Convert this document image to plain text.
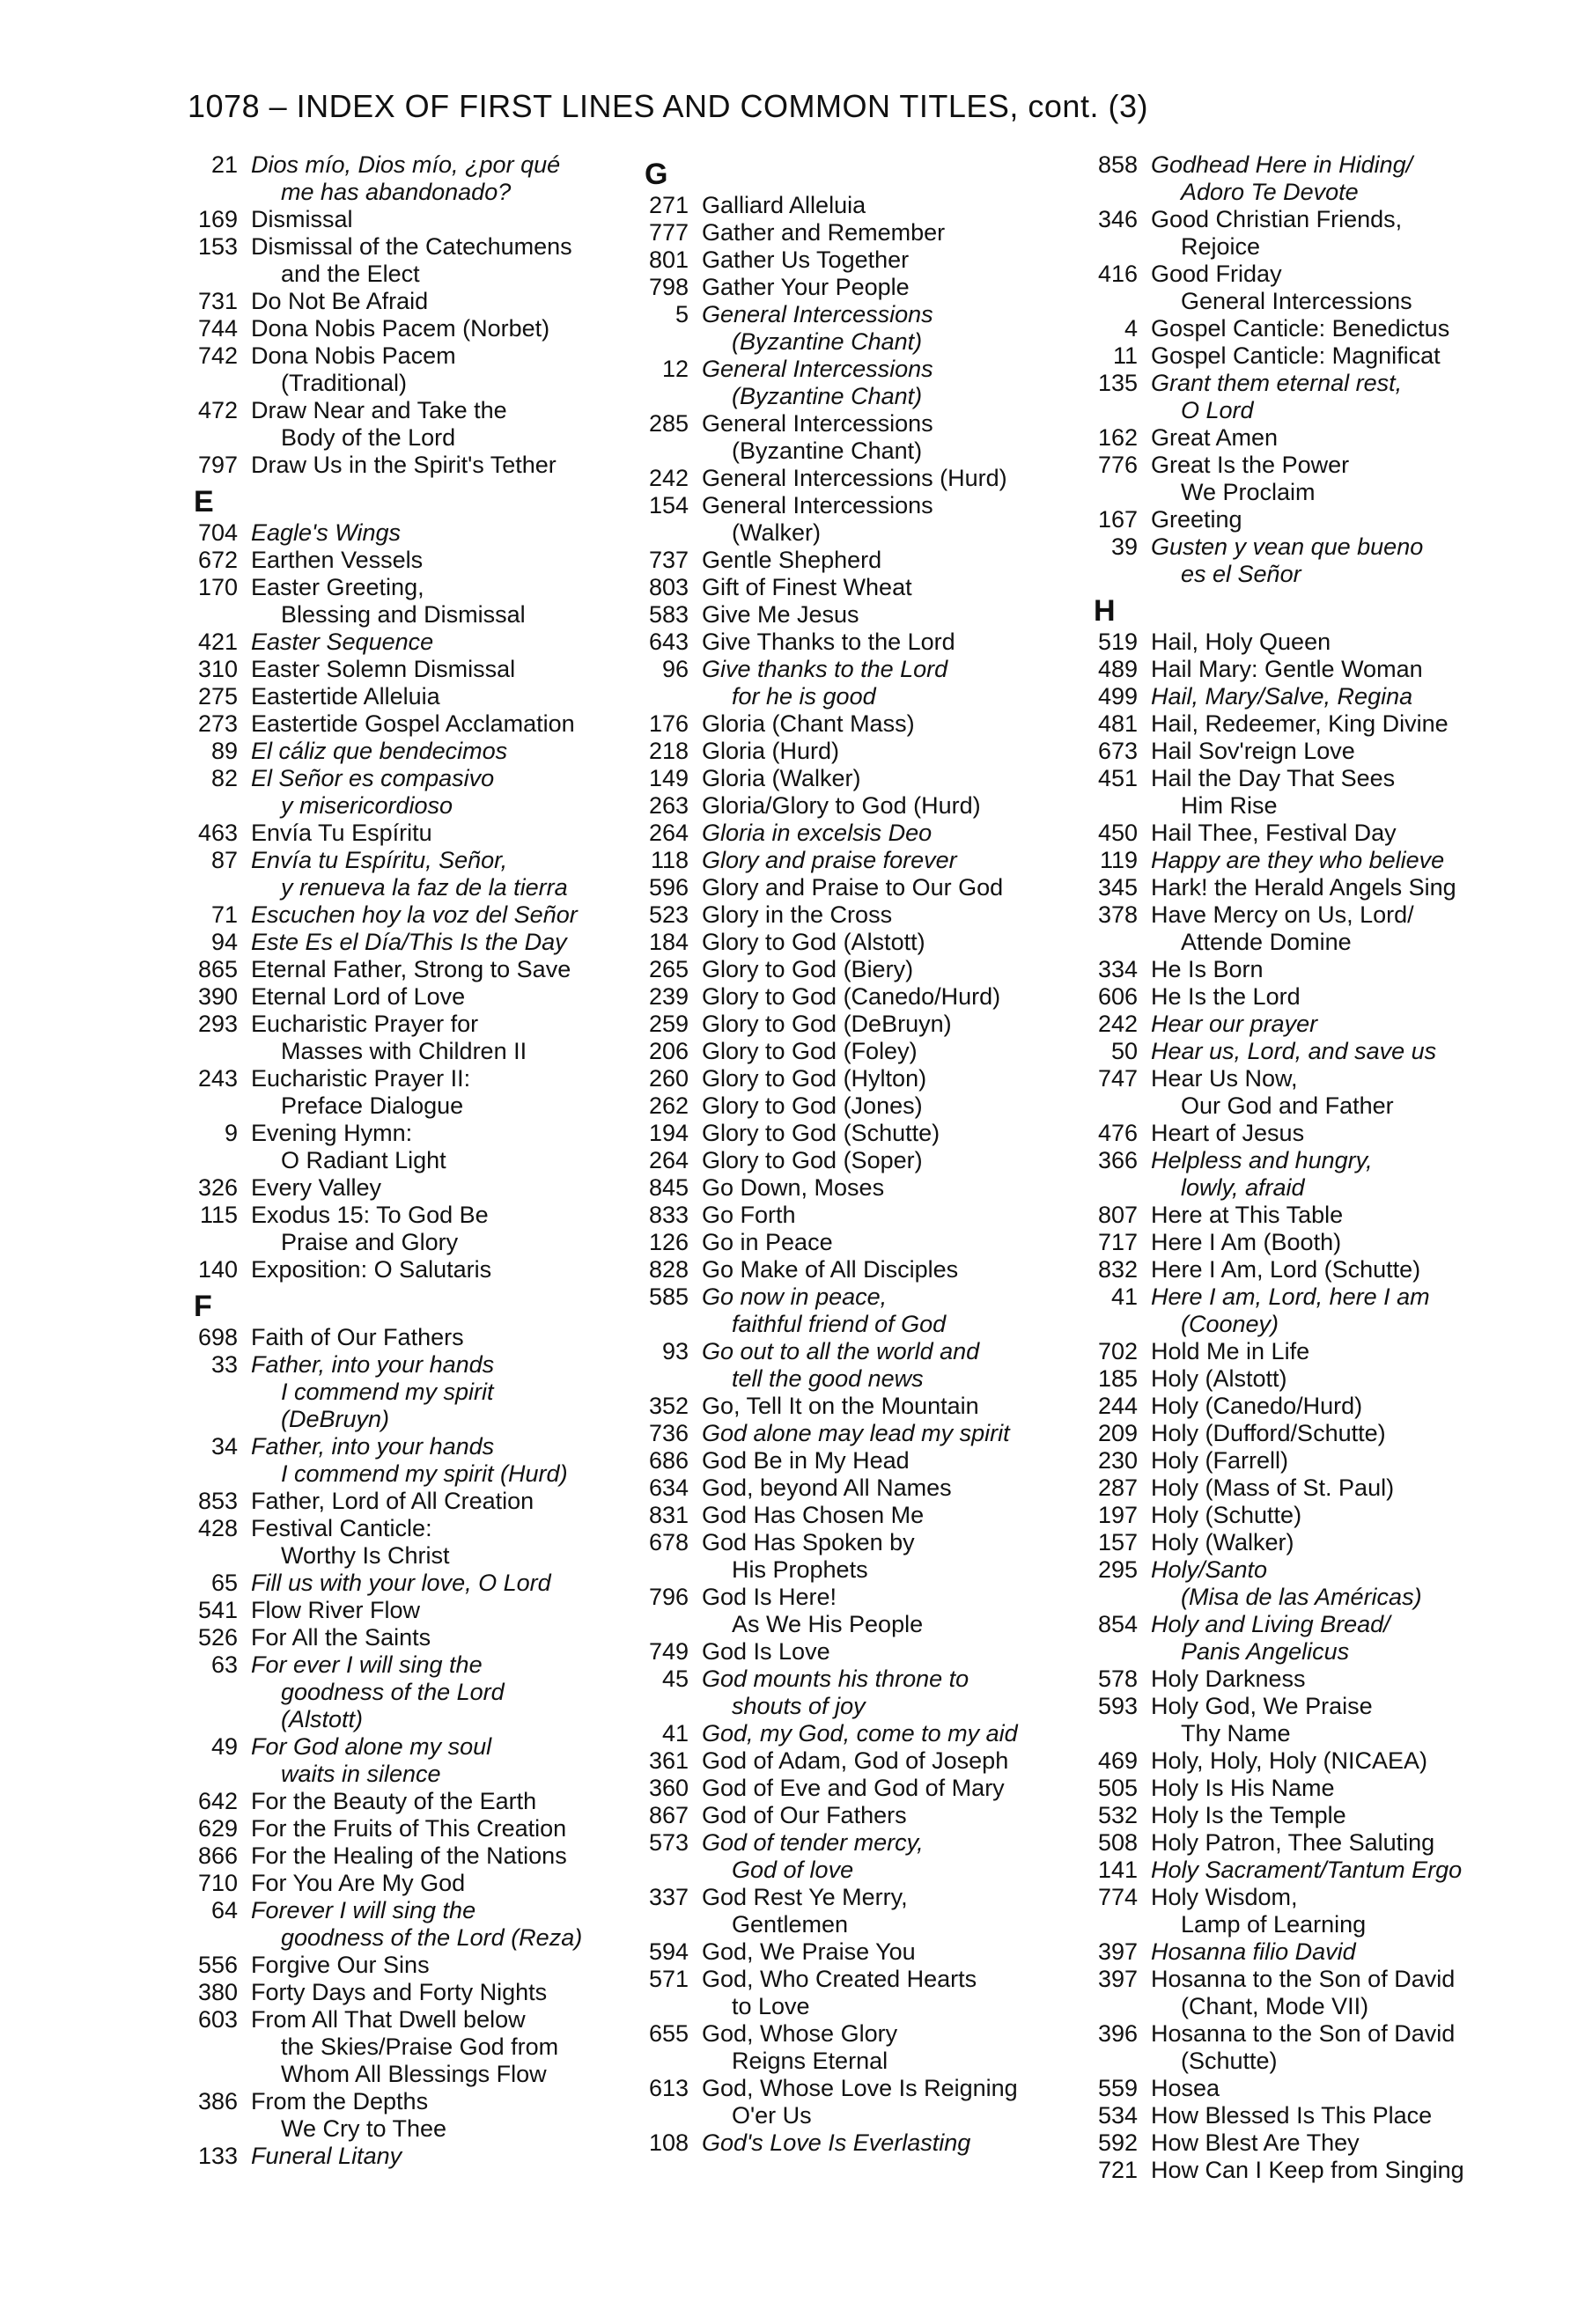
1078 – INDEX OF FIRST LINES AND COMMON TITLES, cont. (3)
21 Dios mío, Dios mío, ¿por qué
me has abandonado?
169 Dismissal
153 Dismissal of the Catechumens
and the Elect
731 Do Not Be Afraid
744 Dona Nobis Pacem (Norbet)
742 Dona Nobis Pacem
(Traditional)
472 Draw Near and Take the
Body of the Lord
797 Draw Us in the Spirit's Tether
E
704 Eagle's Wings
672 Earthen Vessels
170 Easter Greeting,
Blessing and Dismissal
421 Easter Sequence
310 Easter Solemn Dismissal
275 Eastertide Alleluia
273 Eastertide Gospel Acclamation
89 El cáliz que bendecimos
82 El Señor es compasivo
y misericordioso
463 Envía Tu Espíritu
87 Envía tu Espíritu, Señor,
y renueva la faz de la tierra
71 Escuchen hoy la voz del Señor
94 Este Es el Día/This Is the Day
865 Eternal Father, Strong to Save
390 Eternal Lord of Love
293 Eucharistic Prayer for
Masses with Children II
243 Eucharistic Prayer II:
Preface Dialogue
9 Evening Hymn:
O Radiant Light
326 Every Valley
115 Exodus 15: To God Be
Praise and Glory
140 Exposition: O Salutaris
F
698 Faith of Our Fathers
33 Father, into your hands
I commend my spirit
(DeBruyn)
34 Father, into your hands
I commend my spirit (Hurd)
853 Father, Lord of All Creation
428 Festival Canticle:
Worthy Is Christ
65 Fill us with your love, O Lord
541 Flow River Flow
526 For All the Saints
63 For ever I will sing the
goodness of the Lord
(Alstott)
49 For God alone my soul
waits in silence
642 For the Beauty of the Earth
629 For the Fruits of This Creation
866 For the Healing of the Nations
710 For You Are My God
64 Forever I will sing the
goodness of the Lord (Reza)
556 Forgive Our Sins
380 Forty Days and Forty Nights
603 From All That Dwell below
the Skies/Praise God from
Whom All Blessings Flow
386 From the Depths
We Cry to Thee
133 Funeral Litany
G
271 Galliard Alleluia
777 Gather and Remember
801 Gather Us Together
798 Gather Your People
5 General Intercessions
(Byzantine Chant)
12 General Intercessions
(Byzantine Chant)
285 General Intercessions
(Byzantine Chant)
242 General Intercessions (Hurd)
154 General Intercessions
(Walker)
737 Gentle Shepherd
803 Gift of Finest Wheat
583 Give Me Jesus
643 Give Thanks to the Lord
96 Give thanks to the Lord
for he is good
176 Gloria (Chant Mass)
218 Gloria (Hurd)
149 Gloria (Walker)
263 Gloria/Glory to God (Hurd)
264 Gloria in excelsis Deo
118 Glory and praise forever
596 Glory and Praise to Our God
523 Glory in the Cross
184 Glory to God (Alstott)
265 Glory to God (Biery)
239 Glory to God (Canedo/Hurd)
259 Glory to God (DeBruyn)
206 Glory to God (Foley)
260 Glory to God (Hylton)
262 Glory to God (Jones)
194 Glory to God (Schutte)
264 Glory to God (Soper)
845 Go Down, Moses
833 Go Forth
126 Go in Peace
828 Go Make of All Disciples
585 Go now in peace,
faithful friend of God
93 Go out to all the world and
tell the good news
352 Go, Tell It on the Mountain
736 God alone may lead my spirit
686 God Be in My Head
634 God, beyond All Names
831 God Has Chosen Me
678 God Has Spoken by
His Prophets
796 God Is Here!
As We His People
749 God Is Love
45 God mounts his throne to
shouts of joy
41 God, my God, come to my aid
361 God of Adam, God of Joseph
360 God of Eve and God of Mary
867 God of Our Fathers
573 God of tender mercy,
God of love
337 God Rest Ye Merry,
Gentlemen
594 God, We Praise You
571 God, Who Created Hearts
to Love
655 God, Whose Glory
Reigns Eternal
613 God, Whose Love Is Reigning
O'er Us
108 God's Love Is Everlasting
858 Godhead Here in Hiding/
Adoro Te Devote
346 Good Christian Friends,
Rejoice
416 Good Friday
General Intercessions
4 Gospel Canticle: Benedictus
11 Gospel Canticle: Magnificat
135 Grant them eternal rest,
O Lord
162 Great Amen
776 Great Is the Power
We Proclaim
167 Greeting
39 Gusten y vean que bueno
es el Señor
H
519 Hail, Holy Queen
489 Hail Mary: Gentle Woman
499 Hail, Mary/Salve, Regina
481 Hail, Redeemer, King Divine
673 Hail Sov'reign Love
451 Hail the Day That Sees
Him Rise
450 Hail Thee, Festival Day
119 Happy are they who believe
345 Hark! the Herald Angels Sing
378 Have Mercy on Us, Lord/
Attende Domine
334 He Is Born
606 He Is the Lord
242 Hear our prayer
50 Hear us, Lord, and save us
747 Hear Us Now,
Our God and Father
476 Heart of Jesus
366 Helpless and hungry,
lowly, afraid
807 Here at This Table
717 Here I Am (Booth)
832 Here I Am, Lord (Schutte)
41 Here I am, Lord, here I am
(Cooney)
702 Hold Me in Life
185 Holy (Alstott)
244 Holy (Canedo/Hurd)
209 Holy (Dufford/Schutte)
230 Holy (Farrell)
287 Holy (Mass of St. Paul)
197 Holy (Schutte)
157 Holy (Walker)
295 Holy/Santo
(Misa de las Américas)
854 Holy and Living Bread/
Panis Angelicus
578 Holy Darkness
593 Holy God, We Praise
Thy Name
469 Holy, Holy, Holy (NICAEA)
505 Holy Is His Name
532 Holy Is the Temple
508 Holy Patron, Thee Saluting
141 Holy Sacrament/Tantum Ergo
774 Holy Wisdom,
Lamp of Learning
397 Hosanna filio David
397 Hosanna to the Son of David
(Chant, Mode VII)
396 Hosanna to the Son of David
(Schutte)
559 Hosea
534 How Blessed Is This Place
592 How Blest Are They
721 How Can I Keep from Singing
